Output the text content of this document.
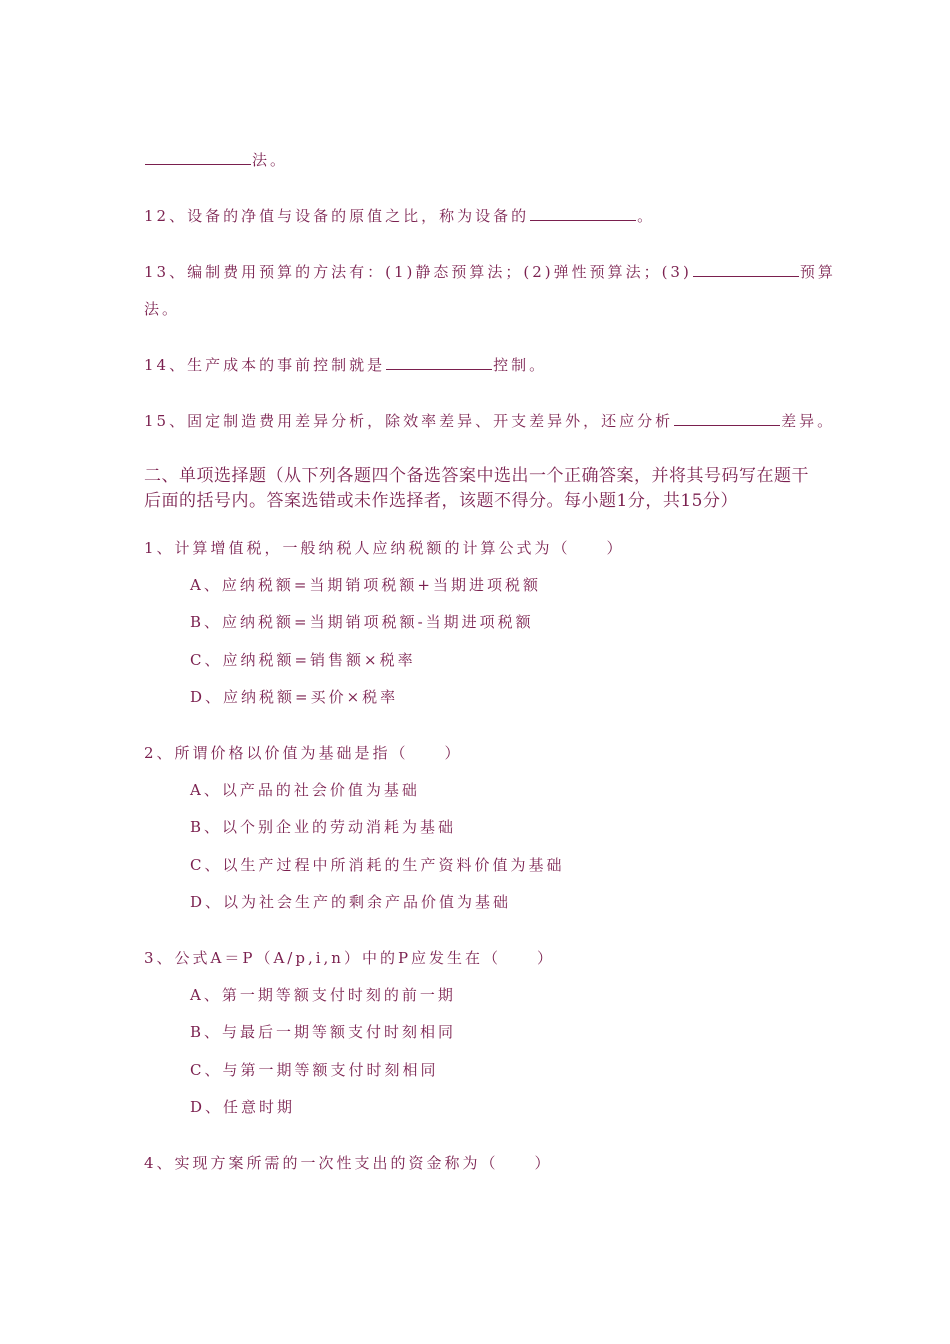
法。
12、设备的净值与设备的原值之比，称为设备的	。
13、编制费用预算的方法有：(1)静态预算法；(2)弹性预算法；(3)	预算
法。
14、生产成本的事前控制就是	控制。
15、固定制造费用差异分析，除效率差异、开支差异外，还应分析	差异。
二、单项选择题（从下列各题四个备选答案中选出一个正确答案，并将其号码写在题干
后面的括号内。答案选错或未作选择者，该题不得分。每小题1分，共15分）
1、计算增值税，一般纳税人应纳税额的计算公式为（　　）
A、应纳税额=当期销项税额+当期进项税额
B、应纳税额=当期销项税额-当期进项税额
C、应纳税额=销售额×税率
D、应纳税额=买价×税率
2、所谓价格以价值为基础是指（　　）
A、以产品的社会价值为基础
B、以个别企业的劳动消耗为基础
C、以生产过程中所消耗的生产资料价值为基础
D、以为社会生产的剩余产品价值为基础
3、公式A＝P（A/p,i,n）中的P应发生在（　　）
A、第一期等额支付时刻的前一期
B、与最后一期等额支付时刻相同
C、与第一期等额支付时刻相同
D、任意时期
4、实现方案所需的一次性支出的资金称为（　　）
